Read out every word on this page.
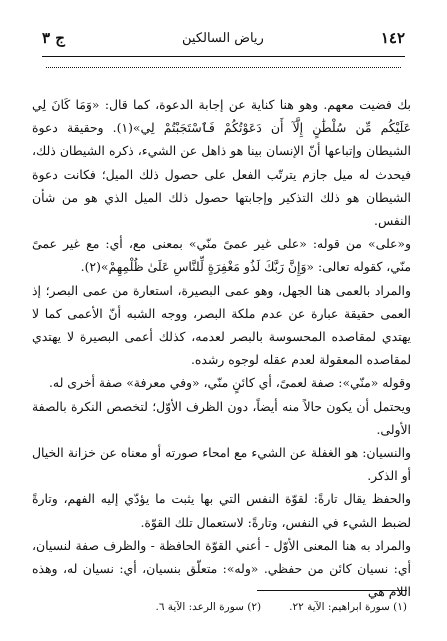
ج ٣	رياض السالكين	١٤٢

بك فضيت معهم. وهو هنا كناية عن إجابة الدعوة، كما قال: «وَمَا كَانَ لِي عَلَيْكُم مِّن سُلْطَٰنٍ إِلَّآ أَن دَعَوْتُكُمْ فَٱسْتَجَبْتُمْ لِي»(١). وحقيقة دعوة الشيطان وإتباعها أنّ الإنسان بينا هو ذاهل عن الشيء، ذكره الشيطان ذلك، فيحدث له ميل جازم يترتّب الفعل على حصول ذلك الميل؛ فكانت دعوة الشيطان هو ذلك التذكير وإجابتها حصول ذلك الميل الذي هو من شأن النفس.

و«على» من قوله: «على غير عمىً منّي» بمعنى مع، أي: مع غير عمىً منّي، كقوله تعالى: «وَإِنَّ رَبَّكَ لَذُو مَغْفِرَةٍ لِّلنَّاسِ عَلَىٰ ظُلْمِهِمْ»(٢).

والمراد بالعمى هنا الجهل، وهو عمى البصيرة، استعارة من عمى البصر؛ إذ العمى حقيقة عبارة عن عدم ملكة البصر، ووجه الشبه أنّ الأعمى كما لا يهتدي لمقاصده المحسوسة بالبصر لعدمه، كذلك أعمى البصيرة لا يهتدي لمقاصده المعقولة لعدم عقله لوجوه رشده.

وقوله «منّي»: صفة لعمىً، أي كائنٍ منّي، «وفي معرفة» صفة أخرى له.

ويحتمل أن يكون حالاً منه أيضاً، دون الظرف الأوّل؛ لتخصص النكرة بالصفة الأولى.

والنسيان: هو الغفلة عن الشيء مع امحاء صورته أو معناه عن خزانة الخيال أو الذكر.

والحفظ يقال تارةً: لقوّة النفس التي بها يثبت ما يؤدّي إليه الفهم، وتارةً لضبط الشيء في النفس، وتارةً: لاستعمال تلك القوّة.

والمراد به هنا المعنى الأوّل - أعني القوّة الحافظة - والظرف صفة لنسيان، أي: نسيان كائن من حفظي. «وله»: متعلّق بنسيان، أي: نسيان له، وهذه اللام هي

(١) سورة ابراهيم: الآية ٢٢.
(٢) سورة الرعد: الآية ٦.
